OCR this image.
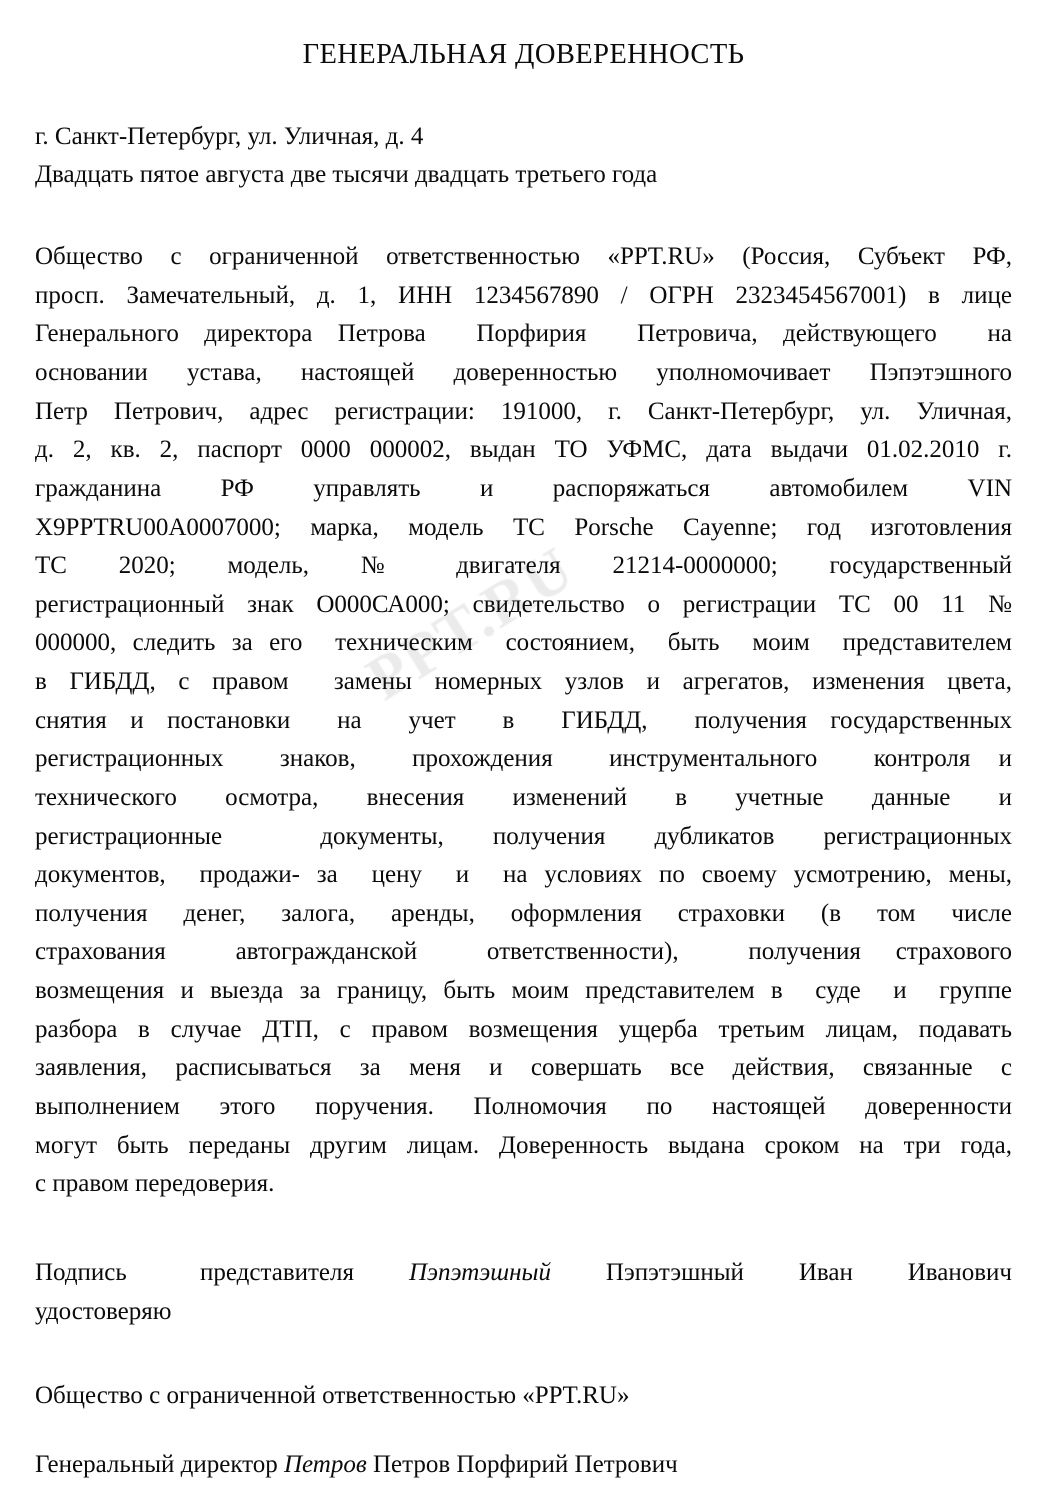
PPT.RU
ГЕНЕРАЛЬНАЯ ДОВЕРЕННОСТЬ
г. Санкт-Петербург, ул. Уличная, д. 4
Двадцать пятое августа две тысячи двадцать третьего года

Общество с ограниченной ответственностью «PPT.RU» (Россия, Субъект РФ,
просп. Замечательный, д. 1, ИНН 1234567890 / ОГРН 2323454567001) в лице
Генерального директора Петрова  Порфирия  Петровича, действующего  на
основании устава, настоящей доверенностью уполномочивает Пэпэтэшного
Петр Петрович, адрес регистрации: 191000, г. Санкт-Петербург, ул. Уличная,
д. 2, кв. 2, паспорт 0000 000002, выдан ТО УФМС, дата выдачи 01.02.2010 г.
гражданина  РФ  управлять  и  распоряжаться  автомобилем  VIN
X9PPTRU00A0007000; марка, модель ТС Porsche Cayenne; год изготовления
ТС  2020;  модель,  №  двигателя  21214-0000000;  государственный
регистрационный знак О000СА000; свидетельство о регистрации ТС 00 11 №
000000, следить за его  техническим  состоянием,  быть  моим  представителем
в ГИБДД, с правом  замены номерных узлов и агрегатов, изменения цвета,
снятия и постановки  на  учет  в  ГИБДД,  получения государственных
регистрационных  знаков,  прохождения  инструментального  контроля и
технического  осмотра,  внесения  изменений  в  учетные  данные  и
регистрационные  документы, получения дубликатов регистрационных
документов,  продажи- за  цену  и  на условиях по своему усмотрению, мены,
получения  денег,  залога,  аренды,  оформления  страховки  (в  том  числе
страхования  автогражданской  ответственности),  получения страхового
возмещения и выезда за границу, быть моим представителем в  суде  и  группе
разбора в случае ДТП, с правом возмещения ущерба третьим лицам, подавать
заявления,  расписываться  за  меня  и  совершать  все  действия,  связанные  с
выполнением  этого  поручения.  Полномочия  по  настоящей  доверенности
могут быть переданы другим лицам. Доверенность выдана сроком на три года,
с правом передоверия.

Подпись    представителя   Пэпэтэшный   Пэпэтэшный   Иван   Иванович
удостоверяю
Общество с ограниченной ответственностью «PPT.RU»
Генеральный директор Петров Петров Порфирий Петрович
